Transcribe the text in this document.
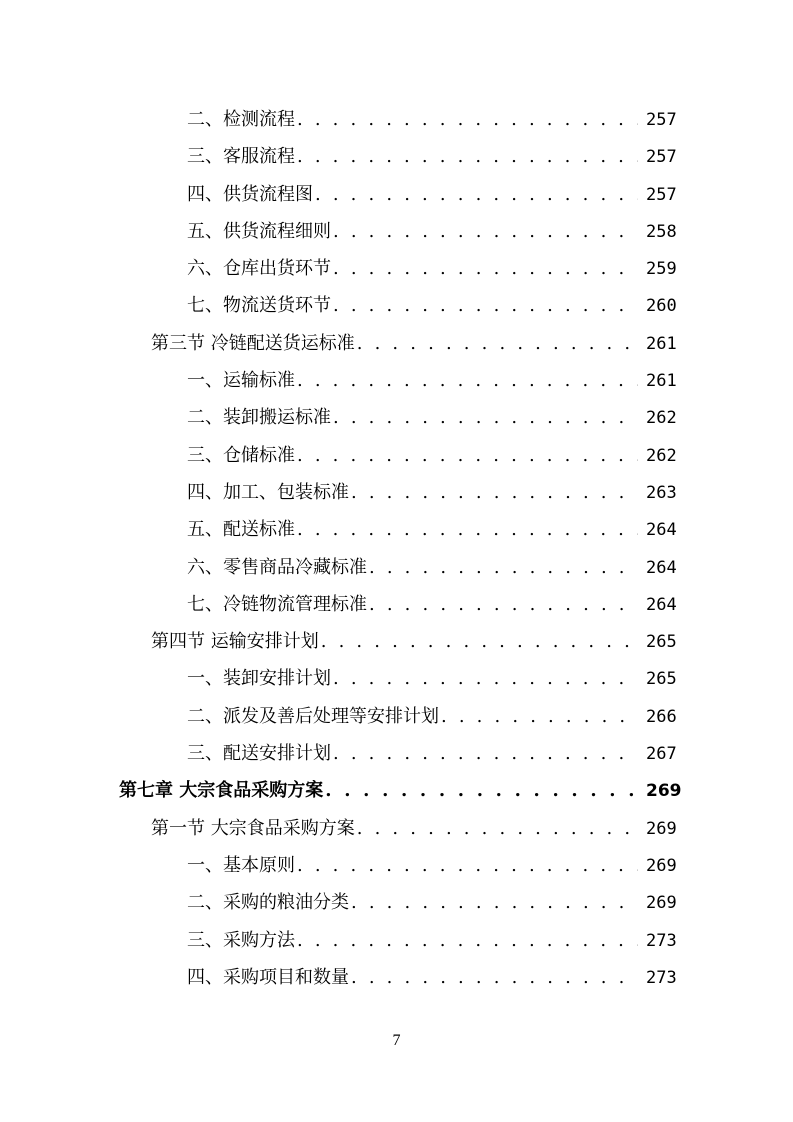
二、检测流程 . . .	257
三、客服流程 . . .	257
四、供货流程图 . . .	257
五、供货流程细则 . . .	258
六、仓库出货环节 . . .	259
七、物流送货环节 . . .	260
第三节 冷链配送货运标准 . . .	261
一、运输标准 . . .	261
二、装卸搬运标准 . . .	262
三、仓储标准 . . .	262
四、加工、包装标准 . . .	263
五、配送标准 . . .	264
六、零售商品冷藏标准 . . .	264
七、冷链物流管理标准 . . .	264
第四节 运输安排计划 . . .	265
一、装卸安排计划 . . .	265
二、派发及善后处理等安排计划 . . .	266
三、配送安排计划 . . .	267
第七章 大宗食品采购方案 . . .	269
第一节 大宗食品采购方案 . . .	269
一、基本原则 . . .	269
二、采购的粮油分类 . . .	269
三、采购方法 . . .	273
四、采购项目和数量 . . .	273
7
